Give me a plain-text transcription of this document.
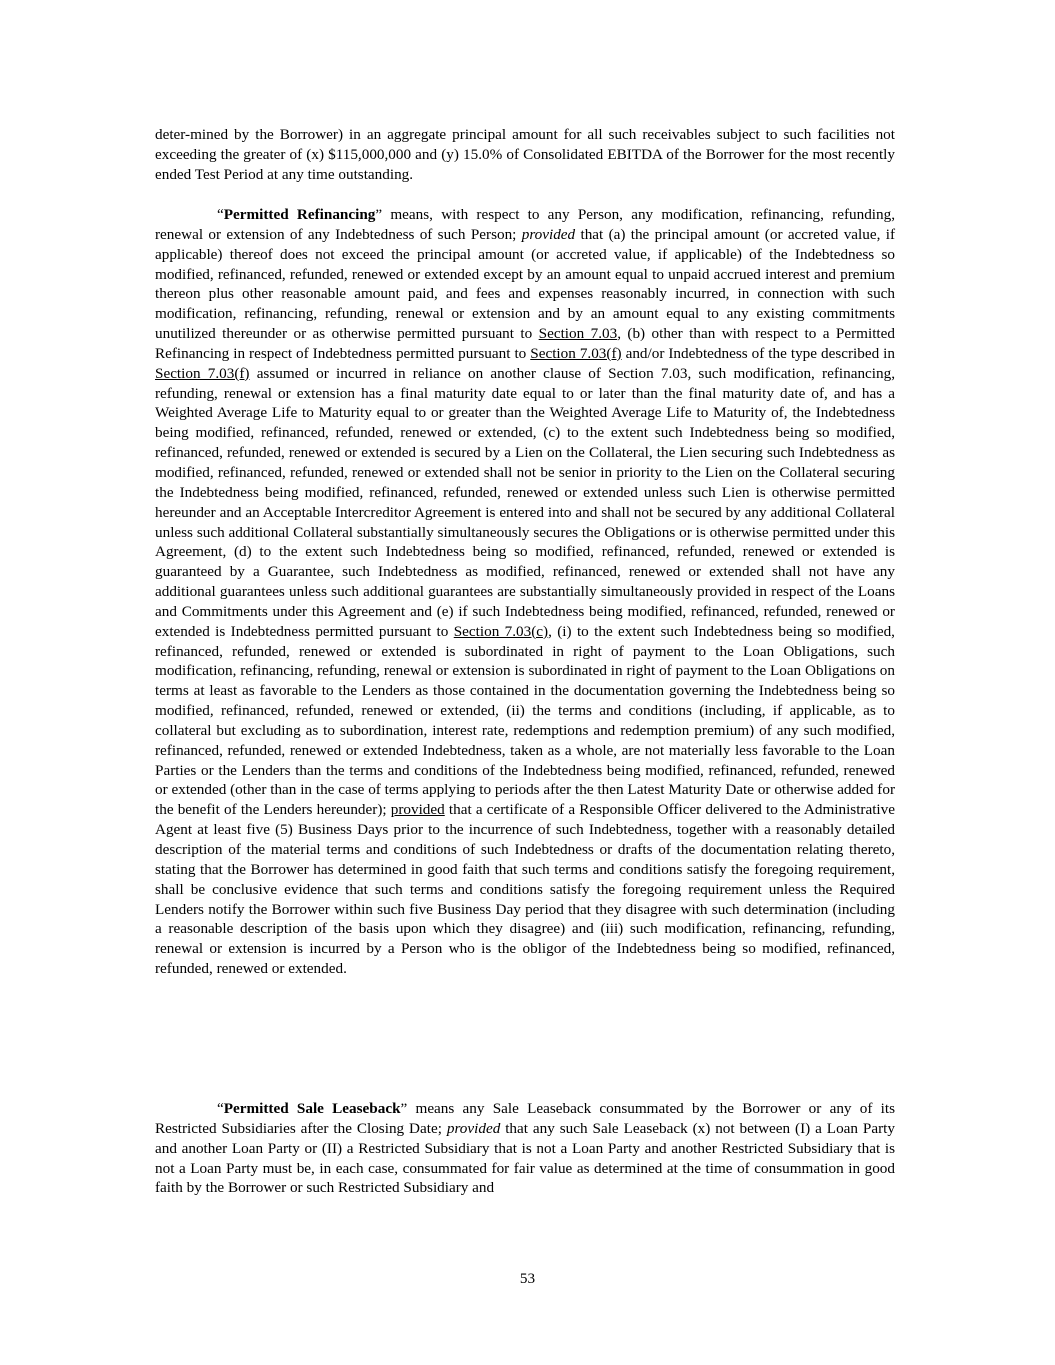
deter-mined by the Borrower) in an aggregate principal amount for all such receivables subject to such facilities not exceeding the greater of (x) $115,000,000 and (y) 15.0% of Consolidated EBITDA of the Borrower for the most recently ended Test Period at any time outstanding.
“Permitted Refinancing” means, with respect to any Person, any modification, refinancing, refunding, renewal or extension of any Indebtedness of such Person; provided that (a) the principal amount (or accreted value, if applicable) thereof does not exceed the principal amount (or accreted value, if applicable) of the Indebtedness so modified, refinanced, refunded, renewed or extended except by an amount equal to unpaid accrued interest and premium thereon plus other reasonable amount paid, and fees and expenses reasonably incurred, in connection with such modification, refinancing, refunding, renewal or extension and by an amount equal to any existing commitments unutilized thereunder or as otherwise permitted pursuant to Section 7.03, (b) other than with respect to a Permitted Refinancing in respect of Indebtedness permitted pursuant to Section 7.03(f) and/or Indebtedness of the type described in Section 7.03(f) assumed or incurred in reliance on another clause of Section 7.03, such modification, refinancing, refunding, renewal or extension has a final maturity date equal to or later than the final maturity date of, and has a Weighted Average Life to Maturity equal to or greater than the Weighted Average Life to Maturity of, the Indebtedness being modified, refinanced, refunded, renewed or extended, (c) to the extent such Indebtedness being so modified, refinanced, refunded, renewed or extended is secured by a Lien on the Collateral, the Lien securing such Indebtedness as modified, refinanced, refunded, renewed or extended shall not be senior in priority to the Lien on the Collateral securing the Indebtedness being modified, refinanced, refunded, renewed or extended unless such Lien is otherwise permitted hereunder and an Acceptable Intercreditor Agreement is entered into and shall not be secured by any additional Collateral unless such additional Collateral substantially simultaneously secures the Obligations or is otherwise permitted under this Agreement, (d) to the extent such Indebtedness being so modified, refinanced, refunded, renewed or extended is guaranteed by a Guarantee, such Indebtedness as modified, refinanced, renewed or extended shall not have any additional guarantees unless such additional guarantees are substantially simultaneously provided in respect of the Loans and Commitments under this Agreement and (e) if such Indebtedness being modified, refinanced, refunded, renewed or extended is Indebtedness permitted pursuant to Section 7.03(c), (i) to the extent such Indebtedness being so modified, refinanced, refunded, renewed or extended is subordinated in right of payment to the Loan Obligations, such modification, refinancing, refunding, renewal or extension is subordinated in right of payment to the Loan Obligations on terms at least as favorable to the Lenders as those contained in the documentation governing the Indebtedness being so modified, refinanced, refunded, renewed or extended, (ii) the terms and conditions (including, if applicable, as to collateral but excluding as to subordination, interest rate, redemptions and redemption premium) of any such modified, refinanced, refunded, renewed or extended Indebtedness, taken as a whole, are not materially less favorable to the Loan Parties or the Lenders than the terms and conditions of the Indebtedness being modified, refinanced, refunded, renewed or extended (other than in the case of terms applying to periods after the then Latest Maturity Date or otherwise added for the benefit of the Lenders hereunder); provided that a certificate of a Responsible Officer delivered to the Administrative Agent at least five (5) Business Days prior to the incurrence of such Indebtedness, together with a reasonably detailed description of the material terms and conditions of such Indebtedness or drafts of the documentation relating thereto, stating that the Borrower has determined in good faith that such terms and conditions satisfy the foregoing requirement, shall be conclusive evidence that such terms and conditions satisfy the foregoing requirement unless the Required Lenders notify the Borrower within such five Business Day period that they disagree with such determination (including a reasonable description of the basis upon which they disagree) and (iii) such modification, refinancing, refunding, renewal or extension is incurred by a Person who is the obligor of the Indebtedness being so modified, refinanced, refunded, renewed or extended.
“Permitted Sale Leaseback” means any Sale Leaseback consummated by the Borrower or any of its Restricted Subsidiaries after the Closing Date; provided that any such Sale Leaseback (x) not between (I) a Loan Party and another Loan Party or (II) a Restricted Subsidiary that is not a Loan Party and another Restricted Subsidiary that is not a Loan Party must be, in each case, consummated for fair value as determined at the time of consummation in good faith by the Borrower or such Restricted Subsidiary and
53
